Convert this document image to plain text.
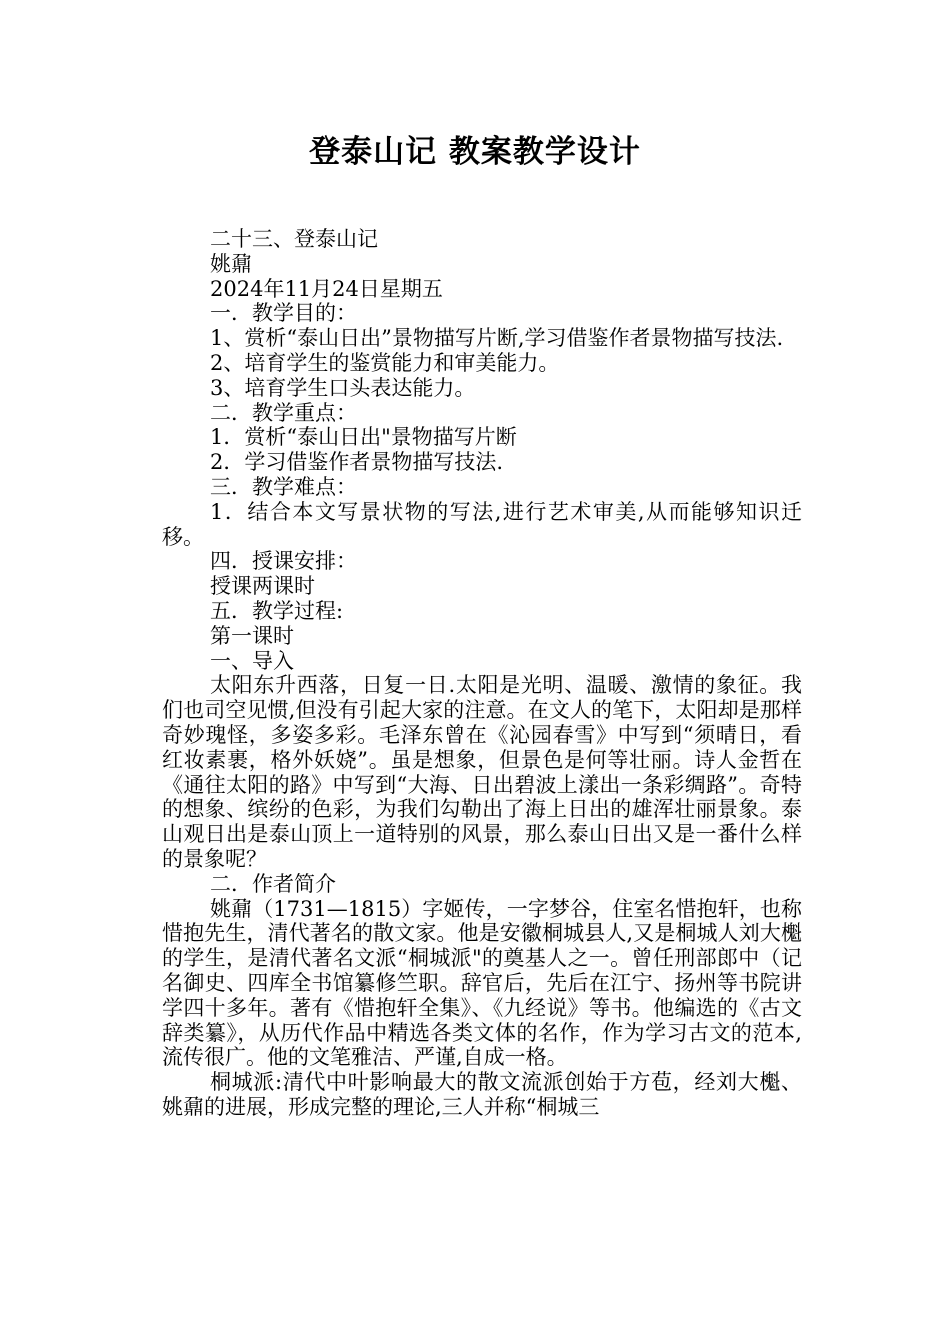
登泰山记 教案教学设计

二十三、登泰山记

姚鼐

2024年11月24日星期五

一．教学目的：

1、赏析“泰山日出”景物描写片断,学习借鉴作者景物描写技法.

2、培育学生的鉴赏能力和审美能力。

3、培育学生口头表达能力。

二．教学重点：

1．赏析“泰山日出"景物描写片断

2．学习借鉴作者景物描写技法.

三．教学难点：

1．结合本文写景状物的写法,进行艺术审美,从而能够知识迁移。

四．授课安排：

授课两课时

五．教学过程:

第一课时

一、导入

太阳东升西落，日复一日.太阳是光明、温暖、激情的象征。我们也司空见惯,但没有引起大家的注意。在文人的笔下，太阳却是那样奇妙瑰怪，多姿多彩。毛泽东曾在《沁园春雪》中写到“须晴日，看红妆素裹，格外妖娆”。虽是想象，但景色是何等壮丽。诗人金哲在《通往太阳的路》中写到“大海、日出碧波上漾出一条彩绸路”。奇特的想象、缤纷的色彩，为我们勾勒出了海上日出的雄浑壮丽景象。泰山观日出是泰山顶上一道特别的风景，那么泰山日出又是一番什么样的景象呢？

二．作者简介

姚鼐（1731—1815）字姬传，一字梦谷，住室名惜抱轩，也称惜抱先生，清代著名的散文家。他是安徽桐城县人,又是桐城人刘大櫆的学生，是清代著名文派“桐城派"的奠基人之一。曾任刑部郎中（记名御史、四库全书馆纂修竺职。辞官后，先后在江宁、扬州等书院讲学四十多年。著有《惜抱轩全集》、《九经说》等书。他编选的《古文辞类纂》，从历代作品中精选各类文体的名作，作为学习古文的范本,流传很广。他的文笔雅洁、严谨,自成一格。

桐城派:清代中叶影响最大的散文流派创始于方苞，经刘大櫆、姚鼐的进展，形成完整的理论,三人并称“桐城三
